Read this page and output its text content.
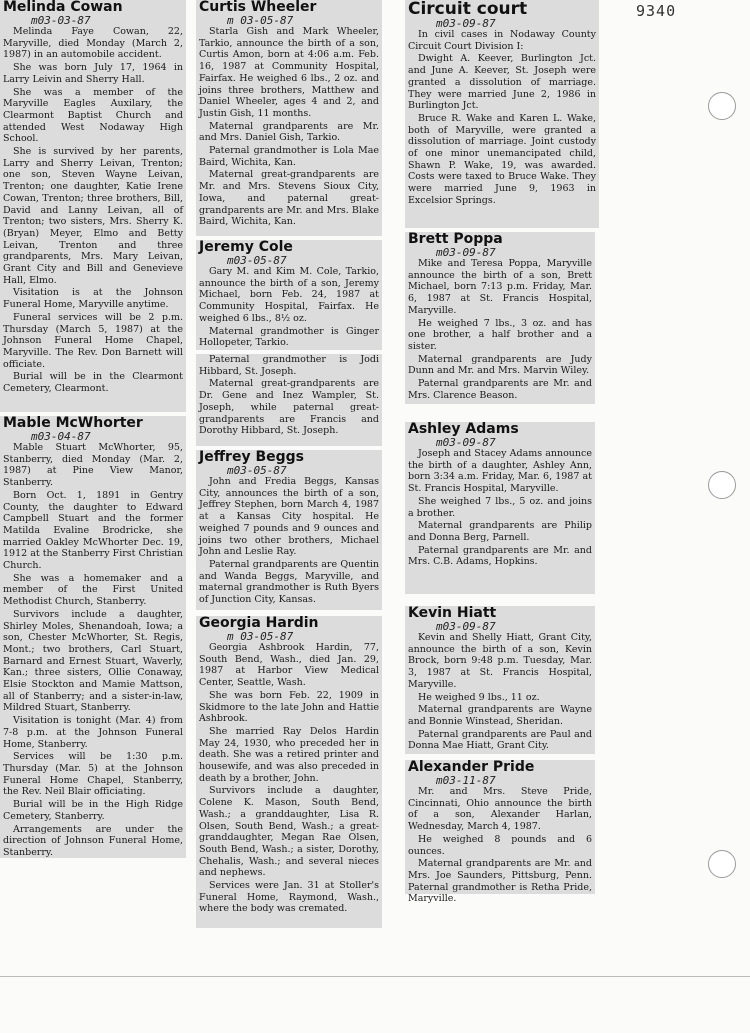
9340
Melinda Cowan
m03-03-87

Melinda Faye Cowan, 22, Maryville, died Monday (March 2, 1987) in an automobile accident.

She was born July 17, 1964 in Larry Leivin and Sherry Hall.

She was a member of the Maryville Eagles Auxilary, the Clearmont Baptist Church and attended West Nodaway High School.

She is survived by her parents, Larry and Sherry Leivan, Trenton; one son, Steven Wayne Leivan, Trenton; one daughter, Katie Irene Cowan, Trenton; three brothers, Bill, David and Lanny Leivan, all of Trenton; two sisters, Mrs. Sherry K. (Bryan) Meyer, Elmo and Betty Leivan, Trenton and three grandparents, Mrs. Mary Leivan, Grant City and Bill and Genevieve Hall, Elmo.

Visitation is at the Johnson Funeral Home, Maryville anytime.

Funeral services will be 2 p.m. Thursday (March 5, 1987) at the Johnson Funeral Home Chapel, Maryville. The Rev. Don Barnett will officiate.

Burial will be in the Clearmont Cemetery, Clearmont.

Mable McWhorter
m03-04-87

Mable Stuart McWhorter, 95, Stanberry, died Monday (Mar. 2, 1987) at Pine View Manor, Stanberry.

Born Oct. 1, 1891 in Gentry County, the daughter to Edward Campbell Stuart and the former Matilda Evaline Brodricke, she married Oakley McWhorter Dec. 19, 1912 at the Stanberry First Christian Church.

She was a homemaker and a member of the First United Methodist Church, Stanberry.

Survivors include a daughter, Shirley Moles, Shenandoah, Iowa; a son, Chester McWhorter, St. Regis, Mont.; two brothers, Carl Stuart, Barnard and Ernest Stuart, Waverly, Kan.; three sisters, Ollie Conaway, Elsie Stockton and Mamie Mattson, all of Stanberry; and a sister-in-law, Mildred Stuart, Stanberry.

Visitation is tonight (Mar. 4) from 7-8 p.m. at the Johnson Funeral Home, Stanberry.

Services will be 1:30 p.m. Thursday (Mar. 5) at the Johnson Funeral Home Chapel, Stanberry, the Rev. Neil Blair officiating.

Burial will be in the High Ridge Cemetery, Stanberry.

Arrangements are under the direction of Johnson Funeral Home, Stanberry.

Curtis Wheeler
m 03-05-87

Starla Gish and Mark Wheeler, Tarkio, announce the birth of a son, Curtis Amon, born at 4:06 a.m. Feb. 16, 1987 at Community Hospital, Fairfax. He weighed 6 lbs., 2 oz. and joins three brothers, Matthew and Daniel Wheeler, ages 4 and 2, and Justin Gish, 11 months.

Maternal grandparents are Mr. and Mrs. Daniel Gish, Tarkio.

Paternal grandmother is Lola Mae Baird, Wichita, Kan.

Maternal great-grandparents are Mr. and Mrs. Stevens Sioux City, Iowa, and paternal great-grandparents are Mr. and Mrs. Blake Baird, Wichita, Kan.

Jeremy Cole
m03-05-87

Gary M. and Kim M. Cole, Tarkio, announce the birth of a son, Jeremy Michael, born Feb. 24, 1987 at Community Hospital, Fairfax. He weighed 6 lbs., 8½ oz.

Maternal grandmother is Ginger Hollopeter, Tarkio.

Paternal grandmother is Jodi Hibbard, St. Joseph.

Maternal great-grandparents are Dr. Gene and Inez Wampler, St. Joseph, while paternal great-grandparents are Francis and Dorothy Hibbard, St. Joseph.

Jeffrey Beggs
m03-05-87

John and Fredia Beggs, Kansas City, announces the birth of a son, Jeffrey Stephen, born March 4, 1987 at a Kansas City hospital. He weighed 7 pounds and 9 ounces and joins two other brothers, Michael John and Leslie Ray.

Paternal grandparents are Quentin and Wanda Beggs, Maryville, and maternal grandmother is Ruth Byers of Junction City, Kansas.

Georgia Hardin
m 03-05-87

Georgia Ashbrook Hardin, 77, South Bend, Wash., died Jan. 29, 1987 at Harbor View Medical Center, Seattle, Wash.

She was born Feb. 22, 1909 in Skidmore to the late John and Hattie Ashbrook.

She married Ray Delos Hardin May 24, 1930, who preceded her in death. She was a retired printer and housewife, and was also preceded in death by a brother, John.

Survivors include a daughter, Colene K. Mason, South Bend, Wash.; a granddaughter, Lisa R. Olsen, South Bend, Wash.; a great-granddaughter, Megan Rae Olsen, South Bend, Wash.; a sister, Dorothy, Chehalis, Wash.; and several nieces and nephews.

Services were Jan. 31 at Stoller's Funeral Home, Raymond, Wash., where the body was cremated.

Circuit court
m03-09-87

In civil cases in Nodaway County Circuit Court Division I:

Dwight A. Keever, Burlington Jct. and June A. Keever, St. Joseph were granted a dissolution of marriage. They were married June 2, 1986 in Burlington Jct.

Bruce R. Wake and Karen L. Wake, both of Maryville, were granted a dissolution of marriage. Joint custody of one minor unemancipated child, Shawn P. Wake, 19, was awarded. Costs were taxed to Bruce Wake. They were married June 9, 1963 in Excelsior Springs.

Brett Poppa
m03-09-87

Mike and Teresa Poppa, Maryville announce the birth of a son, Brett Michael, born 7:13 p.m. Friday, Mar. 6, 1987 at St. Francis Hospital, Maryville.

He weighed 7 lbs., 3 oz. and has one brother, a half brother and a sister.

Maternal grandparents are Judy Dunn and Mr. and Mrs. Marvin Wiley.

Paternal grandparents are Mr. and Mrs. Clarence Beason.

Ashley Adams
m03-09-87

Joseph and Stacey Adams announce the birth of a daughter, Ashley Ann, born 3:34 a.m. Friday, Mar. 6, 1987 at St. Francis Hospital, Maryville.

She weighed 7 lbs., 5 oz. and joins a brother.

Maternal grandparents are Philip and Donna Berg, Parnell.

Paternal grandparents are Mr. and Mrs. C.B. Adams, Hopkins.

Kevin Hiatt
m03-09-87

Kevin and Shelly Hiatt, Grant City, announce the birth of a son, Kevin Brock, born 9:48 p.m. Tuesday, Mar. 3, 1987 at St. Francis Hospital, Maryville.

He weighed 9 lbs., 11 oz.

Maternal grandparents are Wayne and Bonnie Winstead, Sheridan.

Paternal grandparents are Paul and Donna Mae Hiatt, Grant City.

Alexander Pride
m03-11-87

Mr. and Mrs. Steve Pride, Cincinnati, Ohio announce the birth of a son, Alexander Harlan, Wednesday, March 4, 1987.

He weighed 8 pounds and 6 ounces.

Maternal grandparents are Mr. and Mrs. Joe Saunders, Pittsburg, Penn. Paternal grandmother is Retha Pride, Maryville.
